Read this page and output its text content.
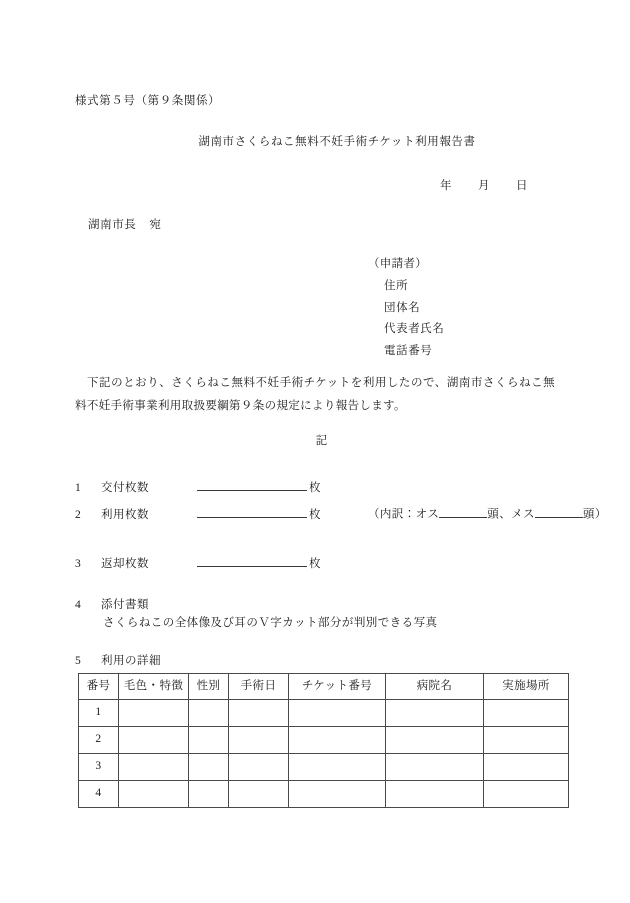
様式第５号（第９条関係）
湖南市さくらねこ無料不妊手術チケット利用報告書
年 月 日
湖南市長 宛
（申請者）
住所
団体名
代表者氏名
電話番号
下記のとおり、さくらねこ無料不妊手術チケットを利用したので、湖南市さくらねこ無料不妊手術事業利用取扱要綱第９条の規定により報告します。
記
1 交付枚数	枚
2 利用枚数	枚	（内訳：オス	頭、メス	頭）
3 返却枚数	枚
4 添付書類
さくらねこの全体像及び耳のＶ字カット部分が判別できる写真
5 利用の詳細
番号	毛色・特徴	性別	手術日	チケット番号	病院名	実施場所
1						
2						
3						
4						
